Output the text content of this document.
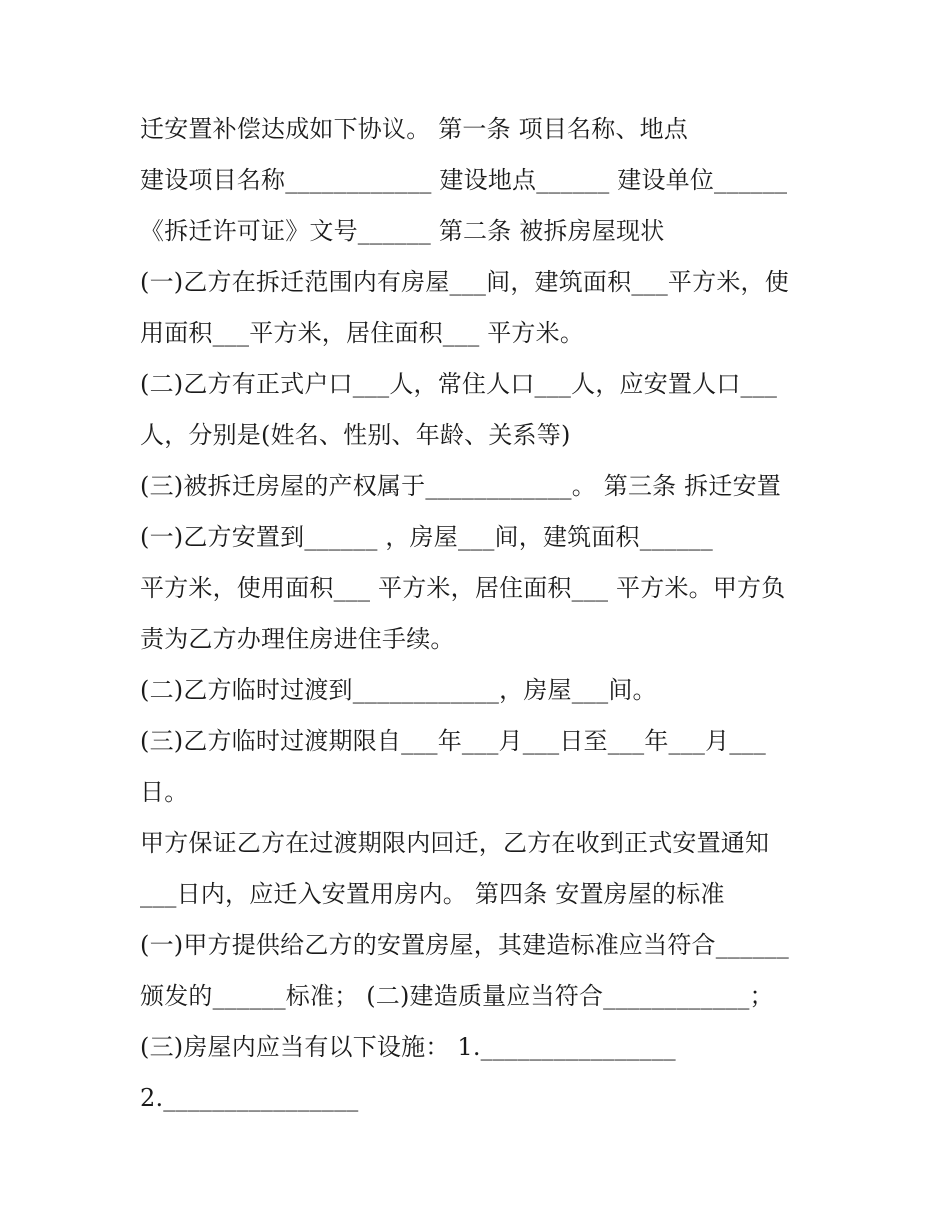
迁安置补偿达成如下协议。 第一条 项目名称、地点
建设项目名称____________ 建设地点______ 建设单位______
《拆迁许可证》文号______ 第二条 被拆房屋现状
(一)乙方在拆迁范围内有房屋___间，建筑面积___平方米，使
用面积___平方米，居住面积___ 平方米。
(二)乙方有正式户口___人，常住人口___人，应安置人口___
人，分别是(姓名、性别、年龄、关系等)
(三)被拆迁房屋的产权属于____________。 第三条 拆迁安置
(一)乙方安置到______ ，房屋___间，建筑面积______
平方米，使用面积___ 平方米，居住面积___ 平方米。甲方负
责为乙方办理住房进住手续。
(二)乙方临时过渡到____________，房屋___间。
(三)乙方临时过渡期限自___年___月___日至___年___月___
日。
甲方保证乙方在过渡期限内回迁，乙方在收到正式安置通知
___日内，应迁入安置用房内。 第四条 安置房屋的标准
(一)甲方提供给乙方的安置房屋，其建造标准应当符合______
颁发的______标准； (二)建造质量应当符合____________；
(三)房屋内应当有以下设施： 1.________________
2.________________
